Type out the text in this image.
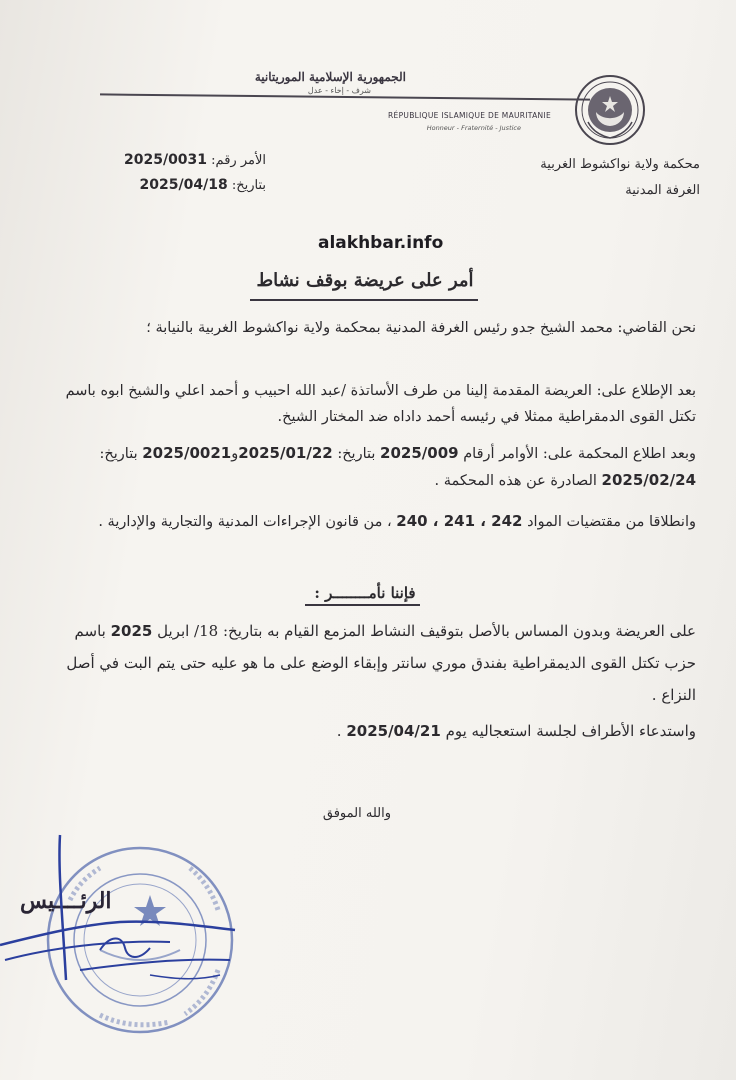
الجمهورية الإسلامية الموريتانية
شرف - إخاء - عدل
RÉPUBLIQUE ISLAMIQUE DE MAURITANIE
Honneur - Fraternité - Justice
محكمة ولاية نواكشوط الغربية
الغرفة المدنية
الأمر رقم: 2025/0031
بتاريخ: 2025/04/18
alakhbar.info
أمر على عريضة بوقف نشاط
نحن القاضي: محمد الشيخ جدو رئيس الغرفة المدنية بمحكمة ولاية نواكشوط الغربية بالنيابة ؛
بعد الإطلاع على: العريضة المقدمة إلينا من طرف الأساتذة /عبد الله احبيب و أحمد اعلي والشيخ ابوه باسم تكتل القوى الدمقراطية ممثلا في رئيسه أحمد داداه ضد المختار الشيخ.
وبعد اطلاع المحكمة على: الأوامر أرقام 2025/009 بتاريخ: 2025/01/22و2025/0021 بتاريخ: 2025/02/24 الصادرة عن هذه المحكمة .
وانطلاقا من مقتضيات المواد 240 ، 241 ، 242 ، من قانون الإجراءات المدنية والتجارية والإدارية .
فإننا نأمــــــــر :
على العريضة وبدون المساس بالأصل بتوقيف النشاط المزمع القيام به بتاريخ: 18/ ابريل 2025 باسم حزب تكتل القوى الديمقراطية بفندق موري سانتر وإبقاء الوضع على ما هو عليه حتى يتم البت في أصل النزاع .
واستدعاء الأطراف لجلسة استعجاليه يوم 2025/04/21 .
والله الموفق
الرئــــيس
